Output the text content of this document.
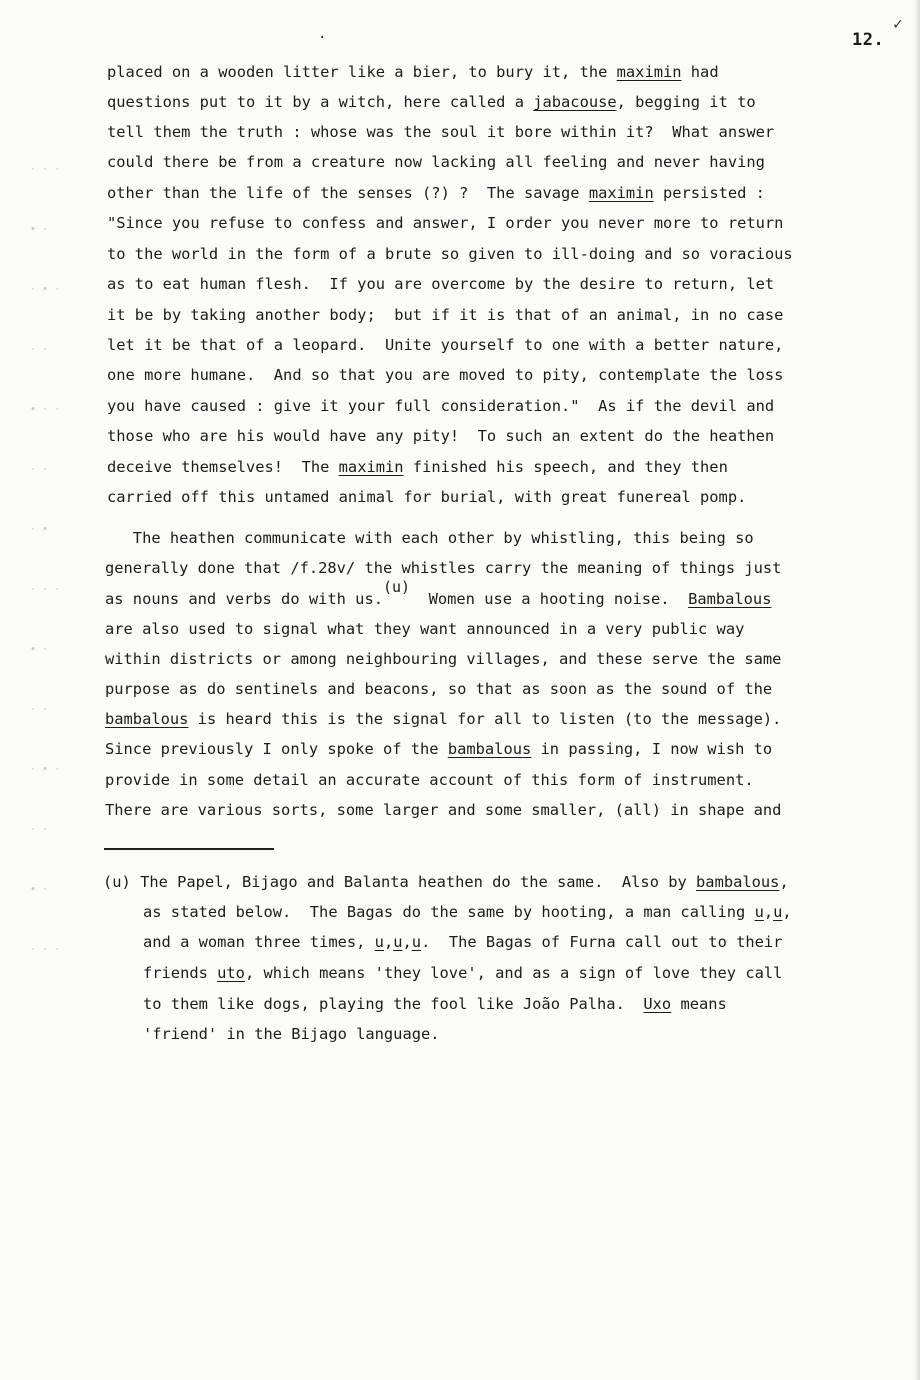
12.
✓
·
· · ·
∙ ·
· ∙ ·
· ·
∙ · ·
· ·
· ∙
· · ·
∙ ·
· ·
· ∙ ·
· ·
∙ ·
· · ·

placed on a wooden litter like a bier, to bury it, the maximin had

questions put to it by a witch, here called a jabacouse, begging it to

tell them the truth : whose was the soul it bore within it?  What answer

could there be from a creature now lacking all feeling and never having

other than the life of the senses (?) ?  The savage maximin persisted :

"Since you refuse to confess and answer, I order you never more to return

to the world in the form of a brute so given to ill-doing and so voracious

as to eat human flesh.  If you are overcome by the desire to return, let

it be by taking another body;  but if it is that of an animal, in no case

let it be that of a leopard.  Unite yourself to one with a better nature,

one more humane.  And so that you are moved to pity, contemplate the loss

you have caused : give it your full consideration."  As if the devil and

those who are his would have any pity!  To such an extent do the heathen

deceive themselves!  The maximin finished his speech, and they then

carried off this untamed animal for burial, with great funereal pomp.

The heathen communicate with each other by whistling, this being so

generally done that /f.28v/ the whistles carry the meaning of things just

as nouns and verbs do with us.(u)  Women use a hooting noise.  Bambalous

are also used to signal what they want announced in a very public way

within districts or among neighbouring villages, and these serve the same

purpose as do sentinels and beacons, so that as soon as the sound of the

bambalous is heard this is the signal for all to listen (to the message).

Since previously I only spoke of the bambalous in passing, I now wish to

provide in some detail an accurate account of this form of instrument.

There are various sorts, some larger and some smaller, (all) in shape and

(u) The Papel, Bijago and Balanta heathen do the same.  Also by bambalous,

as stated below.  The Bagas do the same by hooting, a man calling u,u,

and a woman three times, u,u,u.  The Bagas of Furna call out to their

friends uto, which means 'they love', and as a sign of love they call

to them like dogs, playing the fool like João Palha.  Uxo means

'friend' in the Bijago language.
